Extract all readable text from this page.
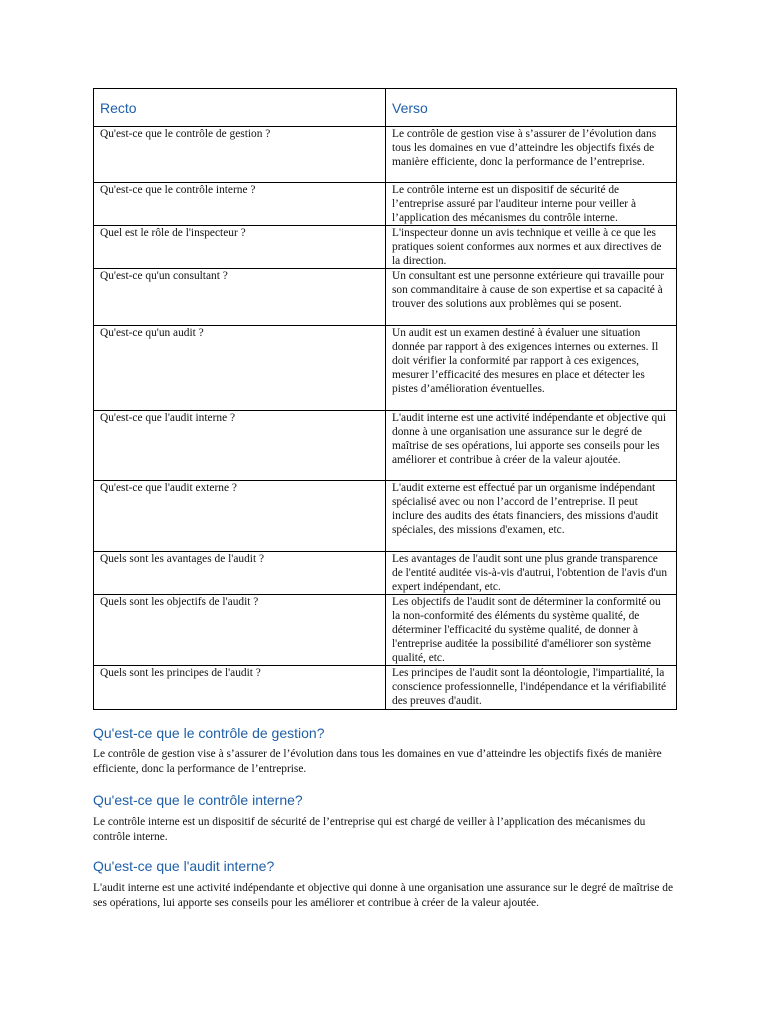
Recto	Verso
Qu'est-ce que le contrôle de gestion ?	Le contrôle de gestion vise à s’assurer de l’évolution dans tous les domaines en vue d’atteindre les objectifs fixés de manière efficiente, donc la performance de l’entreprise.
Qu'est-ce que le contrôle interne ?	Le contrôle interne est un dispositif de sécurité de l’entreprise assuré par l'auditeur interne pour veiller à l’application des mécanismes du contrôle interne.
Quel est le rôle de l'inspecteur ?	L'inspecteur donne un avis technique et veille à ce que les pratiques soient conformes aux normes et aux directives de la direction.
Qu'est-ce qu'un consultant ?	Un consultant est une personne extérieure qui travaille pour son commanditaire à cause de son expertise et sa capacité à trouver des solutions aux problèmes qui se posent.
Qu'est-ce qu'un audit ?	Un audit est un examen destiné à évaluer une situation donnée par rapport à des exigences internes ou externes. Il doit vérifier la conformité par rapport à ces exigences, mesurer l’efficacité des mesures en place et détecter les pistes d’amélioration éventuelles.
Qu'est-ce que l'audit interne ?	L'audit interne est une activité indépendante et objective qui donne à une organisation une assurance sur le degré de maîtrise de ses opérations, lui apporte ses conseils pour les améliorer et contribue à créer de la valeur ajoutée.
Qu'est-ce que l'audit externe ?	L'audit externe est effectué par un organisme indépendant spécialisé avec ou non l’accord de l’entreprise. Il peut inclure des audits des états financiers, des missions d'audit spéciales, des missions d'examen, etc.
Quels sont les avantages de l'audit ?	Les avantages de l'audit sont une plus grande transparence de l'entité auditée vis-à-vis d'autrui, l'obtention de l'avis d'un expert indépendant, etc.
Quels sont les objectifs de l'audit ?	Les objectifs de l'audit sont de déterminer la conformité ou la non-conformité des éléments du système qualité, de déterminer l'efficacité du système qualité, de donner à l'entreprise auditée la possibilité d'améliorer son système qualité, etc.
Quels sont les principes de l'audit ?	Les principes de l'audit sont la déontologie, l'impartialité, la conscience professionnelle, l'indépendance et la vérifiabilité des preuves d'audit.
Qu'est-ce que le contrôle de gestion?

Le contrôle de gestion vise à s’assurer de l’évolution dans tous les domaines en vue d’atteindre les objectifs fixés de manière efficiente, donc la performance de l’entreprise.

Qu'est-ce que le contrôle interne?

Le contrôle interne est un dispositif de sécurité de l’entreprise qui est chargé de veiller à l’application des mécanismes du contrôle interne.

Qu'est-ce que l'audit interne?

L'audit interne est une activité indépendante et objective qui donne à une organisation une assurance sur le degré de maîtrise de ses opérations, lui apporte ses conseils pour les améliorer et contribue à créer de la valeur ajoutée.
